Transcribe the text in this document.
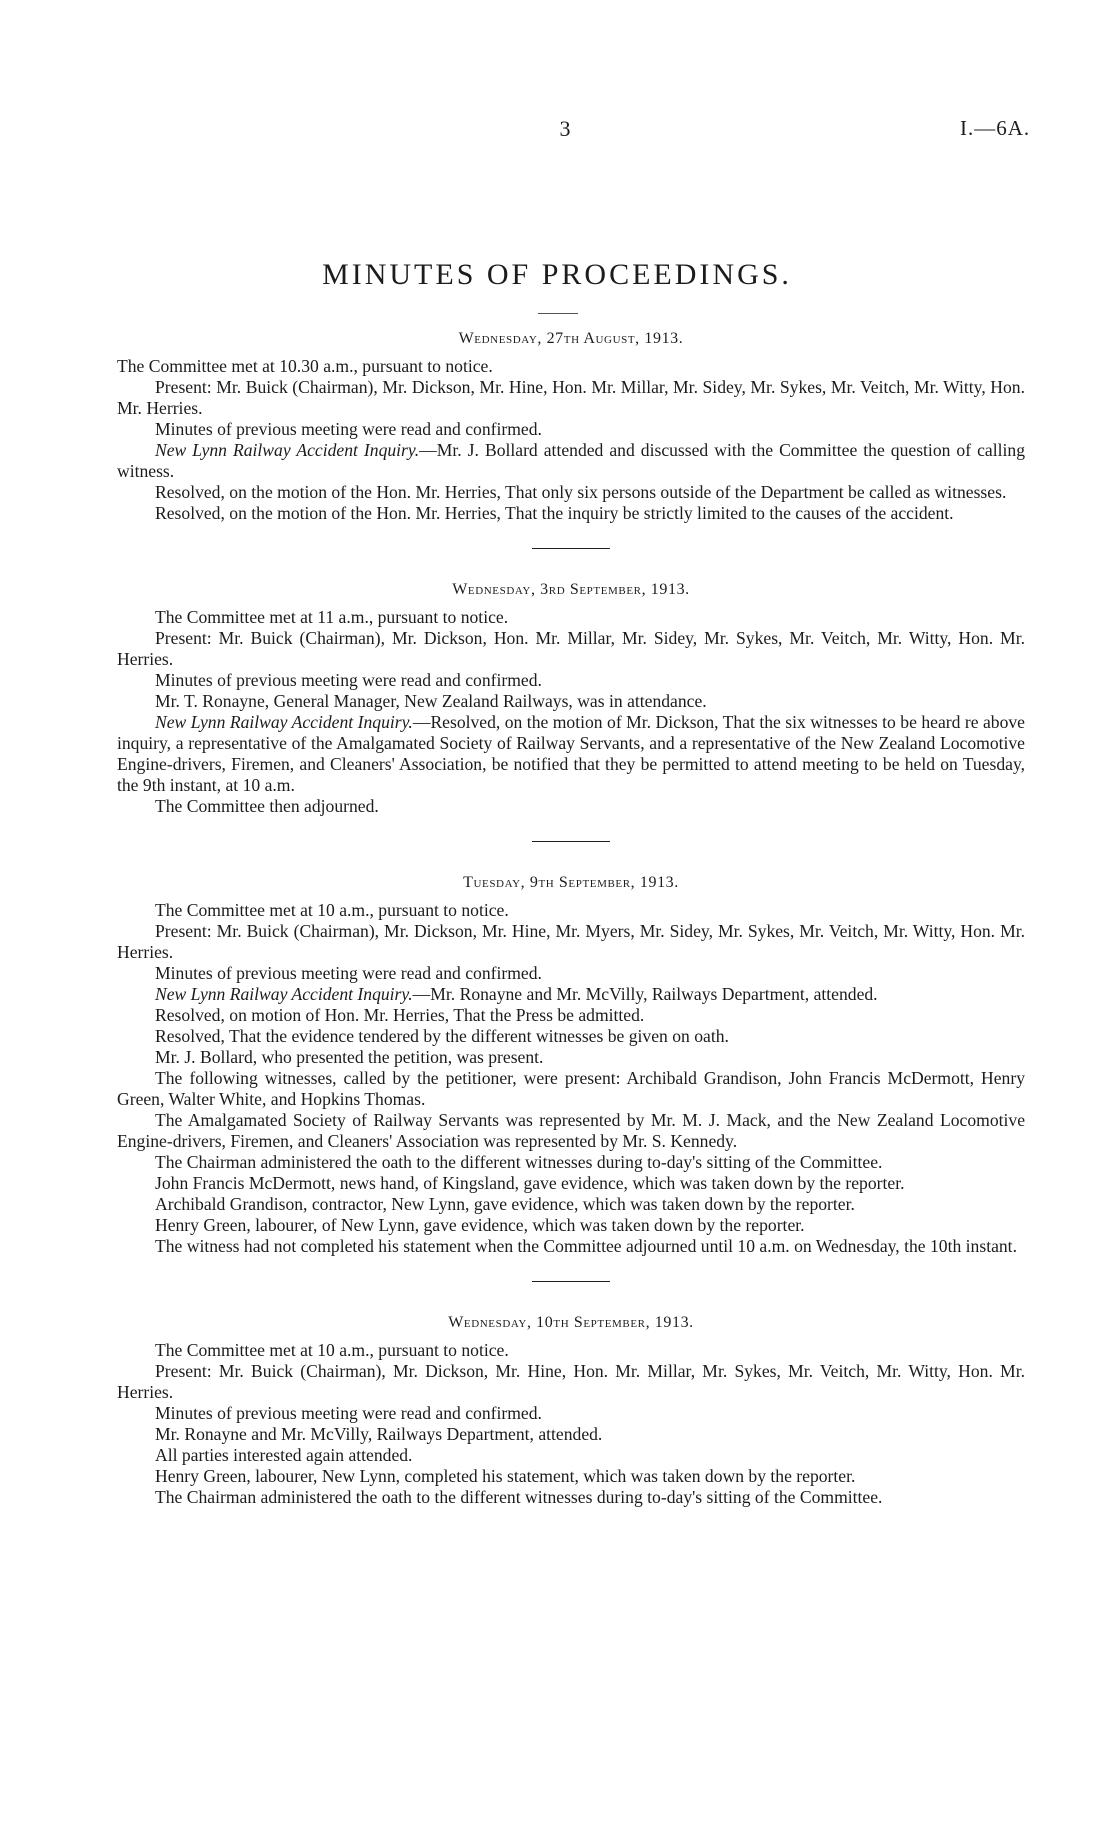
3	I.—6A.
MINUTES OF PROCEEDINGS.

Wednesday, 27th August, 1913.

The Committee met at 10.30 a.m., pursuant to notice.

Present: Mr. Buick (Chairman), Mr. Dickson, Mr. Hine, Hon. Mr. Millar, Mr. Sidey, Mr. Sykes, Mr. Veitch, Mr. Witty, Hon. Mr. Herries.

Minutes of previous meeting were read and confirmed.

New Lynn Railway Accident Inquiry.—Mr. J. Bollard attended and discussed with the Committee the question of calling witness.

Resolved, on the motion of the Hon. Mr. Herries, That only six persons outside of the Department be called as witnesses.

Resolved, on the motion of the Hon. Mr. Herries, That the inquiry be strictly limited to the causes of the accident.

Wednesday, 3rd September, 1913.

The Committee met at 11 a.m., pursuant to notice.

Present: Mr. Buick (Chairman), Mr. Dickson, Hon. Mr. Millar, Mr. Sidey, Mr. Sykes, Mr. Veitch, Mr. Witty, Hon. Mr. Herries.

Minutes of previous meeting were read and confirmed.

Mr. T. Ronayne, General Manager, New Zealand Railways, was in attendance.

New Lynn Railway Accident Inquiry.—Resolved, on the motion of Mr. Dickson, That the six witnesses to be heard re above inquiry, a representative of the Amalgamated Society of Railway Servants, and a representative of the New Zealand Locomotive Engine-drivers, Firemen, and Cleaners' Association, be notified that they be permitted to attend meeting to be held on Tuesday, the 9th instant, at 10 a.m.

The Committee then adjourned.

Tuesday, 9th September, 1913.

The Committee met at 10 a.m., pursuant to notice.

Present: Mr. Buick (Chairman), Mr. Dickson, Mr. Hine, Mr. Myers, Mr. Sidey, Mr. Sykes, Mr. Veitch, Mr. Witty, Hon. Mr. Herries.

Minutes of previous meeting were read and confirmed.

New Lynn Railway Accident Inquiry.—Mr. Ronayne and Mr. McVilly, Railways Department, attended.

Resolved, on motion of Hon. Mr. Herries, That the Press be admitted.

Resolved, That the evidence tendered by the different witnesses be given on oath.

Mr. J. Bollard, who presented the petition, was present.

The following witnesses, called by the petitioner, were present: Archibald Grandison, John Francis McDermott, Henry Green, Walter White, and Hopkins Thomas.

The Amalgamated Society of Railway Servants was represented by Mr. M. J. Mack, and the New Zealand Locomotive Engine-drivers, Firemen, and Cleaners' Association was represented by Mr. S. Kennedy.

The Chairman administered the oath to the different witnesses during to-day's sitting of the Committee.

John Francis McDermott, news hand, of Kingsland, gave evidence, which was taken down by the reporter.

Archibald Grandison, contractor, New Lynn, gave evidence, which was taken down by the reporter.

Henry Green, labourer, of New Lynn, gave evidence, which was taken down by the reporter.

The witness had not completed his statement when the Committee adjourned until 10 a.m. on Wednesday, the 10th instant.

Wednesday, 10th September, 1913.

The Committee met at 10 a.m., pursuant to notice.

Present: Mr. Buick (Chairman), Mr. Dickson, Mr. Hine, Hon. Mr. Millar, Mr. Sykes, Mr. Veitch, Mr. Witty, Hon. Mr. Herries.

Minutes of previous meeting were read and confirmed.

Mr. Ronayne and Mr. McVilly, Railways Department, attended.

All parties interested again attended.

Henry Green, labourer, New Lynn, completed his statement, which was taken down by the reporter.

The Chairman administered the oath to the different witnesses during to-day's sitting of the Committee.
